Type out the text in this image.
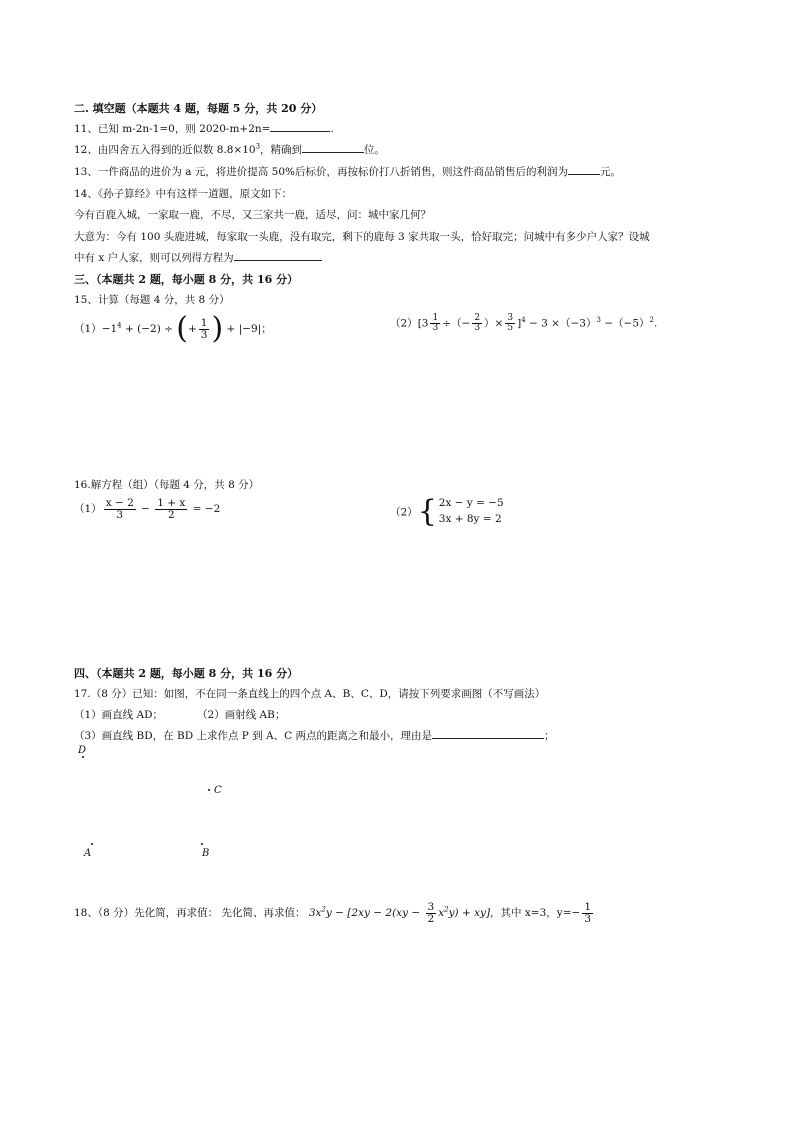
二. 填空题（本题共 4 题，每题 5 分，共 20 分）
11、已知 m-2n-1=0，则 2020-m+2n=	.
12、由四舍五入得到的近似数 $8.8\times 10^3$，精确到	位。
13、一件商品的进价为 a 元，将进价提高 50%后标价，再按标价打八折销售，则这件商品销售后的利润为	元。
14、《孙子算经》中有这样一道题，原文如下：
今有百鹿入城，一家取一鹿，不尽，又三家共一鹿，适尽，问：城中家几何？
大意为：今有 100 头鹿进城，每家取一头鹿，没有取完，剩下的鹿每 3 家共取一头，恰好取完；问城中有多少户人家？设城
中有 x 户人家，则可以列得方程为
三、（本题共 2 题，每小题 8 分，共 16 分）
15、计算（每题 4 分，共 8 分）
$(1)-1^4 + (-2)$ ÷ (+ $\frac{1}{3}$ ) + |−9|；	$(2)[3 \frac{1}{3}$ ÷（− $\frac{2}{3}$ ）× $\frac{3}{5} ]^4 - 3 \times(-3)^3 -(-5)^2$.
16.解方程（组）（每题 4 分，共 8 分）
$(1) \frac{x - 2}{3} - \frac{1 + x}{2} = -2$	（2） { 2x − y = −5
3x + 8y = 2
四、（本题共 2 题，每小题 8 分，共 16 分）
17.（8 分）已知：如图，不在同一条直线上的四个点 A、B、C、D，请按下列要求画图（不写画法）
（1）画直线 AD；	（2）画射线 AB；
（3）画直线 BD，在 BD 上求作点 P 到 A、C 两点的距离之和最小，理由是	；
D
C
A	B
18、（8 分）先化简，再求值： 先化简、再求值： $3x^2y - [2xy - 2(xy - \frac{3}{2} x^2y) + xy]$，其中 x=3，$y=- \frac{1}{3}$
